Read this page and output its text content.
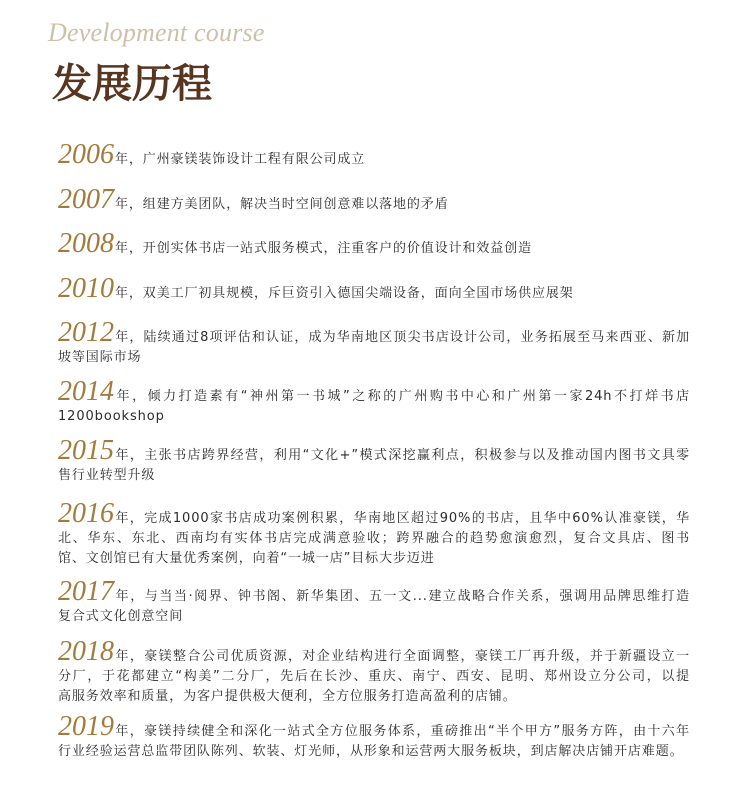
Development course
发展历程
2006年，广州豪镁装饰设计工程有限公司成立
2007年，组建方美团队，解决当时空间创意难以落地的矛盾
2008年，开创实体书店一站式服务模式，注重客户的价值设计和效益创造
2010年，双美工厂初具规模，斥巨资引入德国尖端设备，面向全国市场供应展架
2012年，陆续通过8项评估和认证，成为华南地区顶尖书店设计公司，业务拓展至马来西亚、新加
坡等国际市场
2014年，倾力打造素有“神州第一书城”之称的广州购书中心和广州第一家24h不打烊书店
1200bookshop
2015年，主张书店跨界经营，利用“文化+”模式深挖赢利点，积极参与以及推动国内图书文具零
售行业转型升级
2016年，完成1000家书店成功案例积累，华南地区超过90%的书店，且华中60%认准豪镁，华
北、华东、东北、西南均有实体书店完成满意验收；跨界融合的趋势愈演愈烈，复合文具店、图书
馆、文创馆已有大量优秀案例，向着“一城一店”目标大步迈进
2017年，与当当·阅界、钟书阁、新华集团、五一文...建立战略合作关系，强调用品牌思维打造
复合式文化创意空间
2018年，豪镁整合公司优质资源，对企业结构进行全面调整，豪镁工厂再升级，并于新疆设立一
分厂，于花都建立“构美”二分厂，先后在长沙、重庆、南宁、西安、昆明、郑州设立分公司，以提
高服务效率和质量，为客户提供极大便利，全方位服务打造高盈利的店铺。
2019年，豪镁持续健全和深化一站式全方位服务体系，重磅推出“半个甲方”服务方阵，由十六年
行业经验运营总监带团队陈列、软装、灯光师，从形象和运营两大服务板块，到店解决店铺开店难题。
